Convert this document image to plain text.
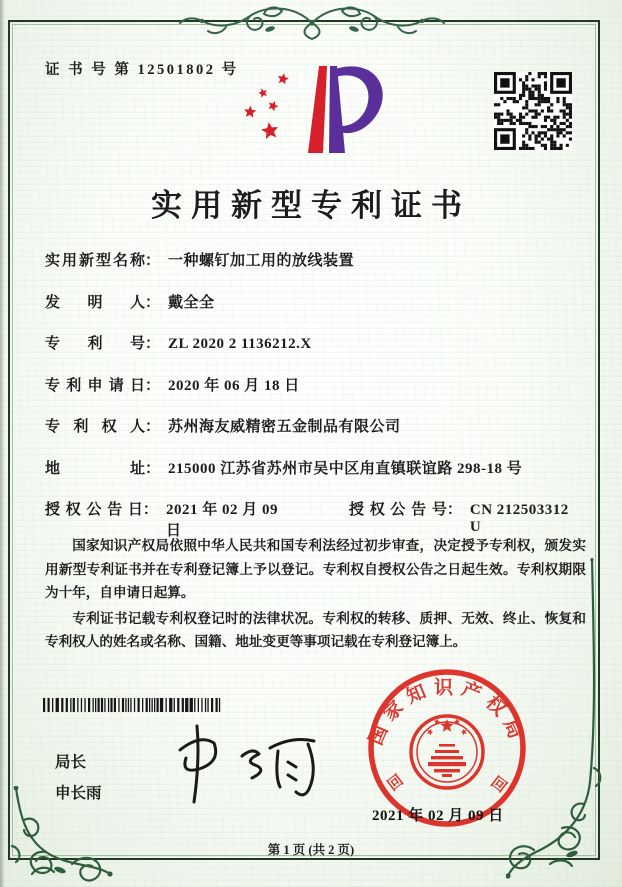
证 书 号 第 12501802 号
实用新型专利证书
实用新型名称 ： 一种螺钉加工用的放线装置
发明人 ： 戴全全
专利号 ： ZL 2020 2 1136212.X
专利申请日 ： 2020 年 06 月 18 日
专利权人 ： 苏州海友威精密五金制品有限公司
地址 ： 215000 江苏省苏州市吴中区甪直镇联谊路 298-18 号
授权公告日 ： 2021 年 02 月 09 日
授权公告号 ： CN 212503312 U

国家知识产权局依照中华人民共和国专利法经过初步审查，决定授予专利权，颁发实用新型专利证书并在专利登记簿上予以登记。专利权自授权公告之日起生效。专利权期限为十年，自申请日起算。

专利证书记载专利权登记时的法律状况。专利权的转移、质押、无效、终止、恢复和专利权人的姓名或名称、国籍、地址变更等事项记载在专利登记簿上。

局长
申长雨
国家知识产权局
回	回
2021 年 02 月 09 日
第 1 页 (共 2 页)
